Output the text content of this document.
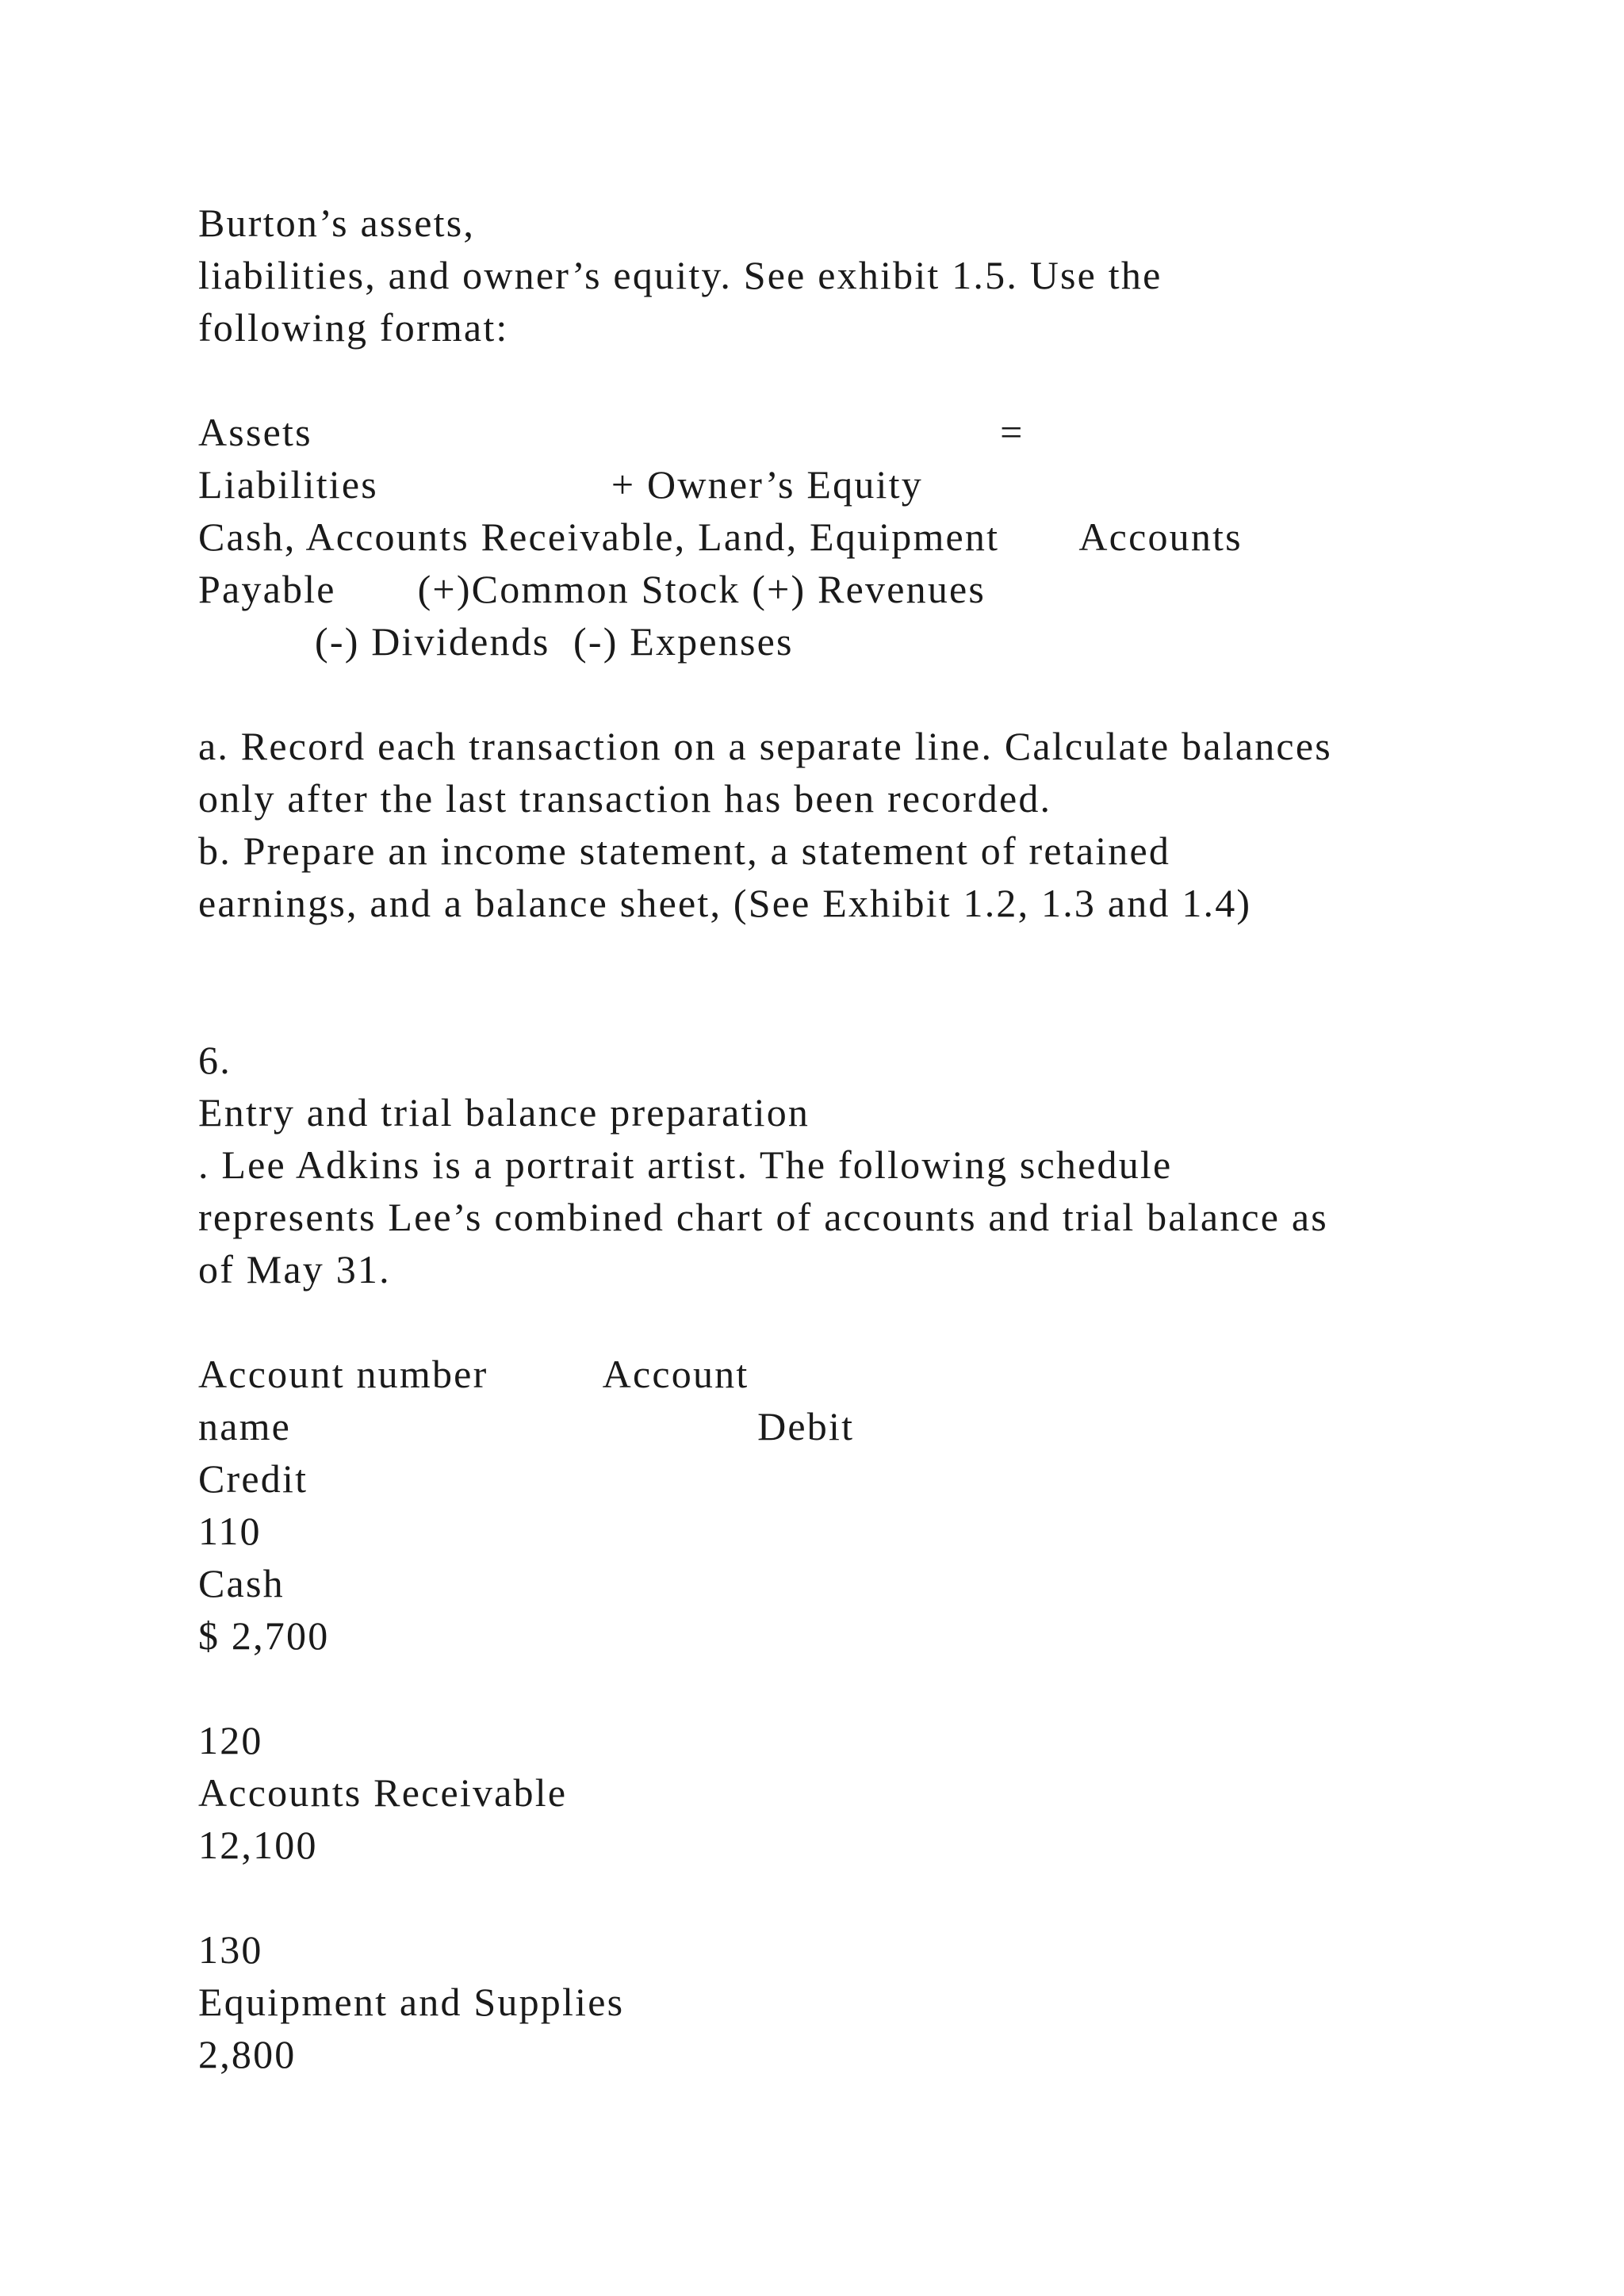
Burton’s assets,
liabilities, and owner’s equity. See exhibit 1.5. Use the
following format:
Assets                                                           =
Liabilities                    + Owner’s Equity
Cash, Accounts Receivable, Land, Equipment       Accounts
Payable       (+)Common Stock (+) Revenues
(-) Dividends  (-) Expenses
a. Record each transaction on a separate line. Calculate balances
only after the last transaction has been recorded.
b. Prepare an income statement, a statement of retained
earnings, and a balance sheet, (See Exhibit 1.2, 1.3 and 1.4)
6.
Entry and trial balance preparation
. Lee Adkins is a portrait artist. The following schedule
represents Lee’s combined chart of accounts and trial balance as
of May 31.
Account number          Account
name                                        Debit
Credit
110
Cash
$ 2,700
120
Accounts Receivable
12,100
130
Equipment and Supplies
2,800
